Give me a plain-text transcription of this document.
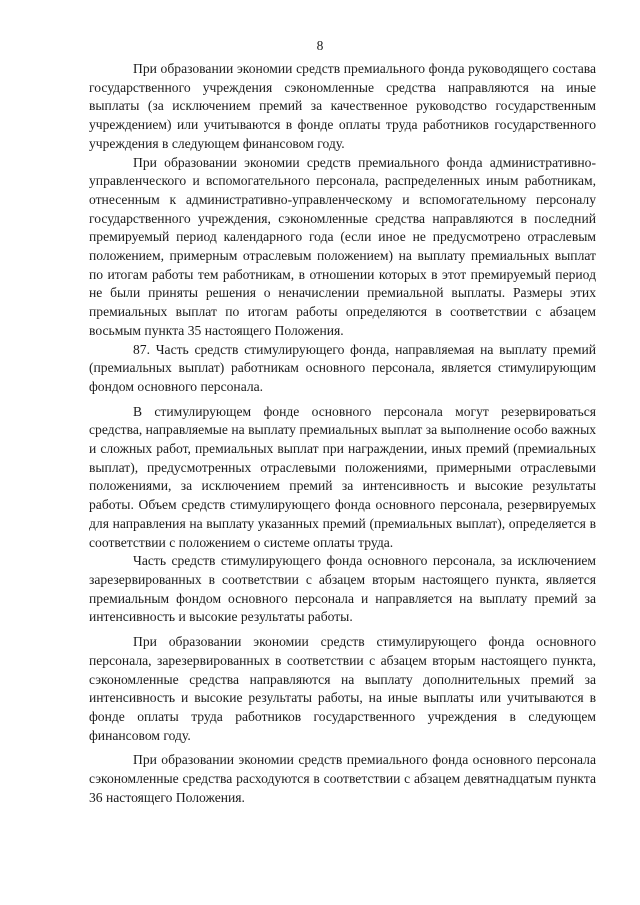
8

При образовании экономии средств премиального фонда руководящего состава государственного учреждения сэкономленные средства направляются на иные выплаты (за исключением премий за качественное руководство государственным учреждением) или учитываются в фонде оплаты труда работников государственного учреждения в следующем финансовом году.

При образовании экономии средств премиального фонда административно-управленческого и вспомогательного персонала, распределенных иным работникам, отнесенным к административно-управленческому и вспомогательному персоналу государственного учреждения, сэкономленные средства направляются в последний премируемый период календарного года (если иное не предусмотрено отраслевым положением, примерным отраслевым положением) на выплату премиальных выплат по итогам работы тем работникам, в отношении которых в этот премируемый период не были приняты решения о неначислении премиальной выплаты. Размеры этих премиальных выплат по итогам работы определяются в соответствии с абзацем восьмым пункта 35 настоящего Положения.

87. Часть средств стимулирующего фонда, направляемая на выплату премий (премиальных выплат) работникам основного персонала, является стимулирующим фондом основного персонала.

В стимулирующем фонде основного персонала могут резервироваться средства, направляемые на выплату премиальных выплат за выполнение особо важных и сложных работ, премиальных выплат при награждении, иных премий (премиальных выплат), предусмотренных отраслевыми положениями, примерными отраслевыми положениями, за исключением премий за интенсивность и высокие результаты работы. Объем средств стимулирующего фонда основного персонала, резервируемых для направления на выплату указанных премий (премиальных выплат), определяется в соответствии с положением о системе оплаты труда.

Часть средств стимулирующего фонда основного персонала, за исключением зарезервированных в соответствии с абзацем вторым настоящего пункта, является премиальным фондом основного персонала и направляется на выплату премий за интенсивность и высокие результаты работы.

При образовании экономии средств стимулирующего фонда основного персонала, зарезервированных в соответствии с абзацем вторым настоящего пункта, сэкономленные средства направляются на выплату дополнительных премий за интенсивность и высокие результаты работы, на иные выплаты или учитываются в фонде оплаты труда работников государственного учреждения в следующем финансовом году.

При образовании экономии средств премиального фонда основного персонала сэкономленные средства расходуются в соответствии с абзацем девятнадцатым пункта 36 настоящего Положения.
